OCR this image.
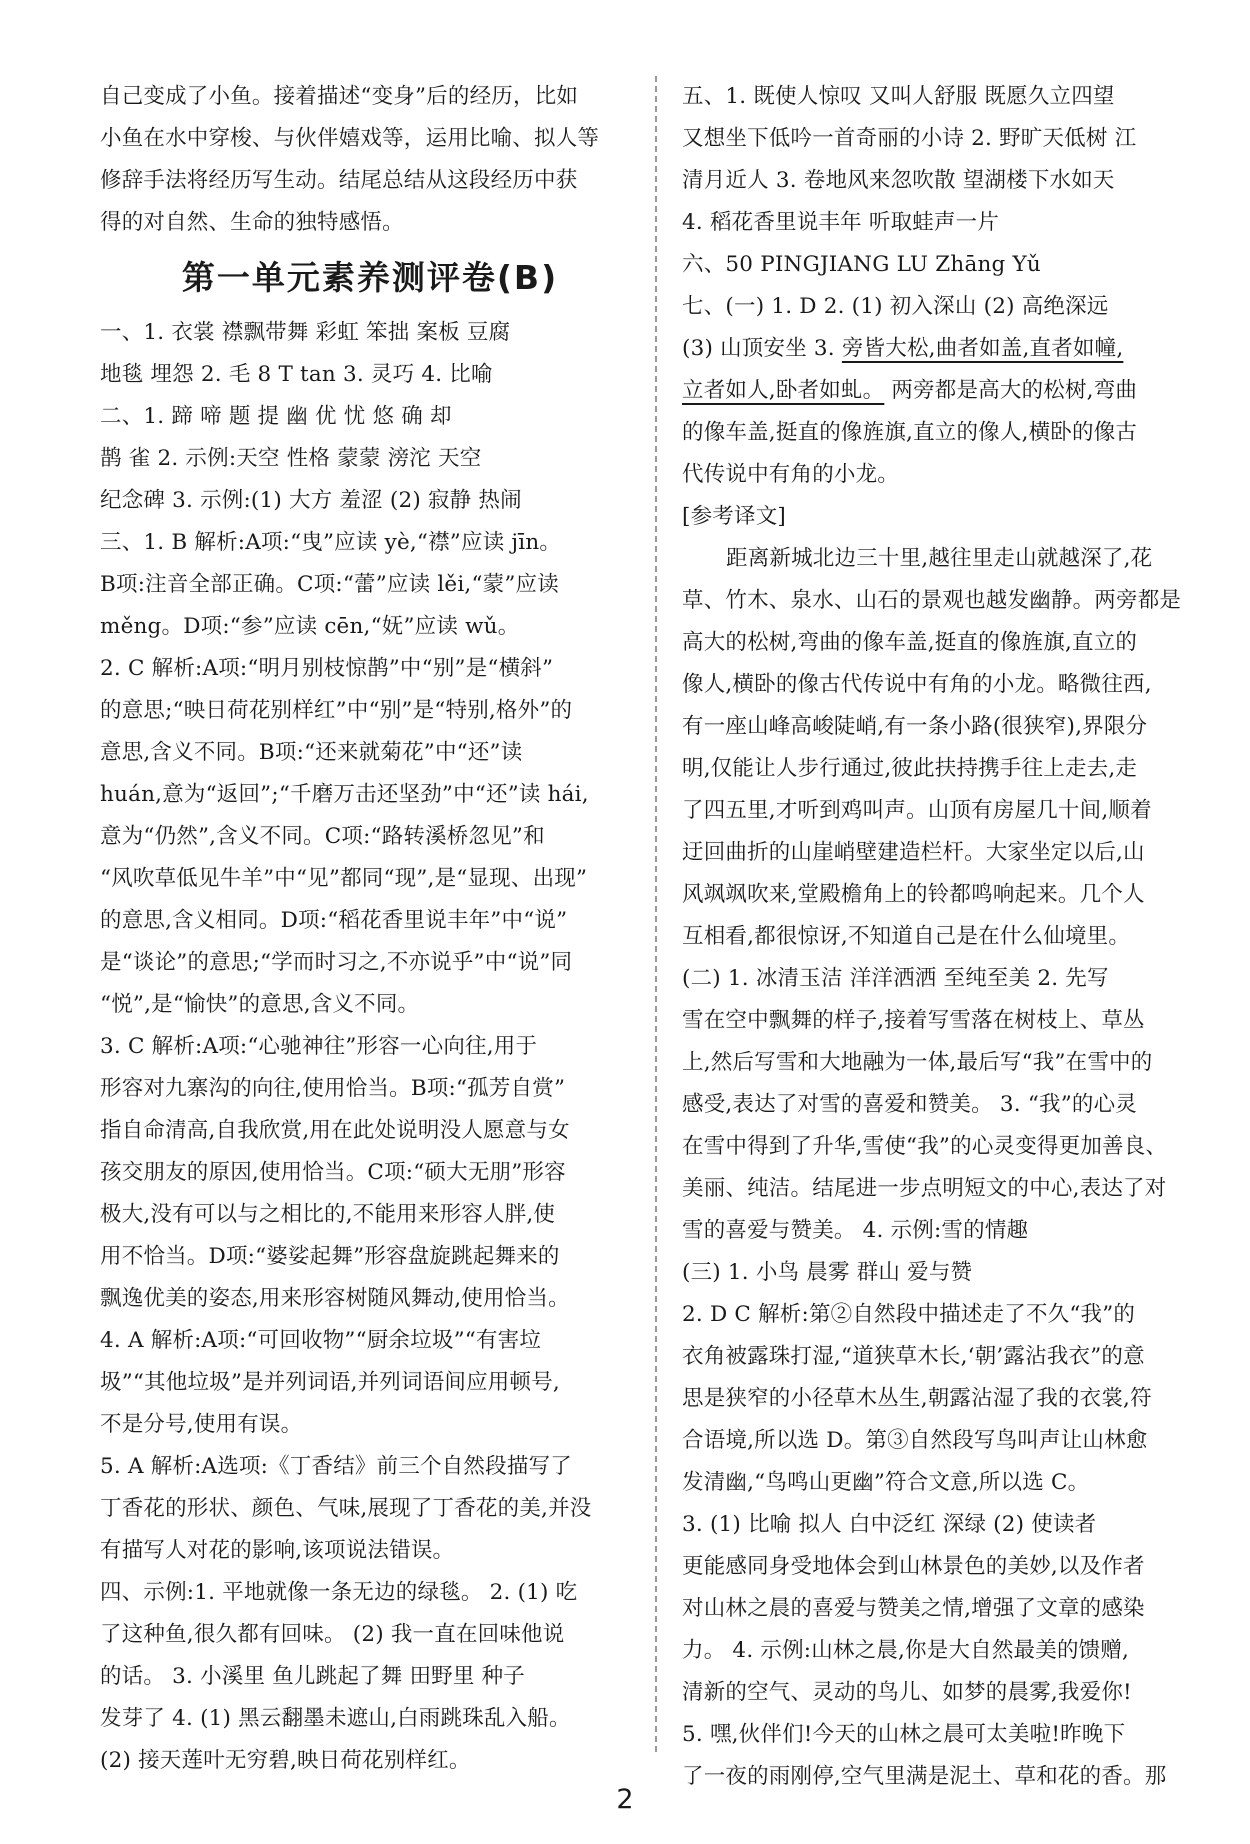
自己变成了小鱼。接着描述“变身”后的经历，比如
小鱼在水中穿梭、与伙伴嬉戏等，运用比喻、拟人等
修辞手法将经历写生动。结尾总结从这段经历中获
得的对自然、生命的独特感悟。
第一单元素养测评卷(B)
一、1. 衣裳 襟飘带舞 彩虹 笨拙 案板 豆腐
地毯 埋怨 2. 毛 8 T tan 3. 灵巧 4. 比喻
二、1. 蹄 啼 题 提 幽 优 忧 悠 确 却
鹊 雀 2. 示例:天空 性格 蒙蒙 滂沱 天空
纪念碑 3. 示例:(1) 大方 羞涩 (2) 寂静 热闹
三、1. B 解析:A项:“曳”应读 yè,“襟”应读 jīn。
B项:注音全部正确。C项:“蕾”应读 lěi,“蒙”应读
měng。D项:“参”应读 cēn,“妩”应读 wǔ。
2. C 解析:A项:“明月别枝惊鹊”中“别”是“横斜”
的意思;“映日荷花别样红”中“别”是“特别,格外”的
意思,含义不同。B项:“还来就菊花”中“还”读
huán,意为“返回”;“千磨万击还坚劲”中“还”读 hái,
意为“仍然”,含义不同。C项:“路转溪桥忽见”和
“风吹草低见牛羊”中“见”都同“现”,是“显现、出现”
的意思,含义相同。D项:“稻花香里说丰年”中“说”
是“谈论”的意思;“学而时习之,不亦说乎”中“说”同
“悦”,是“愉快”的意思,含义不同。
3. C 解析:A项:“心驰神往”形容一心向往,用于
形容对九寨沟的向往,使用恰当。B项:“孤芳自赏”
指自命清高,自我欣赏,用在此处说明没人愿意与女
孩交朋友的原因,使用恰当。C项:“硕大无朋”形容
极大,没有可以与之相比的,不能用来形容人胖,使
用不恰当。D项:“婆娑起舞”形容盘旋跳起舞来的
飘逸优美的姿态,用来形容树随风舞动,使用恰当。
4. A 解析:A项:“可回收物”“厨余垃圾”“有害垃
圾”“其他垃圾”是并列词语,并列词语间应用顿号,
不是分号,使用有误。
5. A 解析:A选项:《丁香结》前三个自然段描写了
丁香花的形状、颜色、气味,展现了丁香花的美,并没
有描写人对花的影响,该项说法错误。
四、示例:1. 平地就像一条无边的绿毯。 2. (1) 吃
了这种鱼,很久都有回味。 (2) 我一直在回味他说
的话。 3. 小溪里 鱼儿跳起了舞 田野里 种子
发芽了 4. (1) 黑云翻墨未遮山,白雨跳珠乱入船。
(2) 接天莲叶无穷碧,映日荷花别样红。
五、1. 既使人惊叹 又叫人舒服 既愿久立四望
又想坐下低吟一首奇丽的小诗 2. 野旷天低树 江
清月近人 3. 卷地风来忽吹散 望湖楼下水如天
4. 稻花香里说丰年 听取蛙声一片
六、50 PINGJIANG LU Zhāng Yǔ
七、(一) 1. D 2. (1) 初入深山 (2) 高绝深远
(3) 山顶安坐 3. 旁皆大松,曲者如盖,直者如幢,
立者如人,卧者如虬。 两旁都是高大的松树,弯曲
的像车盖,挺直的像旌旗,直立的像人,横卧的像古
代传说中有角的小龙。
[参考译文]
距离新城北边三十里,越往里走山就越深了,花
草、竹木、泉水、山石的景观也越发幽静。两旁都是
高大的松树,弯曲的像车盖,挺直的像旌旗,直立的
像人,横卧的像古代传说中有角的小龙。略微往西,
有一座山峰高峻陡峭,有一条小路(很狭窄),界限分
明,仅能让人步行通过,彼此扶持携手往上走去,走
了四五里,才听到鸡叫声。山顶有房屋几十间,顺着
迂回曲折的山崖峭壁建造栏杆。大家坐定以后,山
风飒飒吹来,堂殿檐角上的铃都鸣响起来。几个人
互相看,都很惊讶,不知道自己是在什么仙境里。
(二) 1. 冰清玉洁 洋洋洒洒 至纯至美 2. 先写
雪在空中飘舞的样子,接着写雪落在树枝上、草丛
上,然后写雪和大地融为一体,最后写“我”在雪中的
感受,表达了对雪的喜爱和赞美。 3. “我”的心灵
在雪中得到了升华,雪使“我”的心灵变得更加善良、
美丽、纯洁。结尾进一步点明短文的中心,表达了对
雪的喜爱与赞美。 4. 示例:雪的情趣
(三) 1. 小鸟 晨雾 群山 爱与赞
2. D C 解析:第②自然段中描述走了不久“我”的
衣角被露珠打湿,“道狭草木长,‘朝’露沾我衣”的意
思是狭窄的小径草木丛生,朝露沾湿了我的衣裳,符
合语境,所以选 D。第③自然段写鸟叫声让山林愈
发清幽,“鸟鸣山更幽”符合文意,所以选 C。
3. (1) 比喻 拟人 白中泛红 深绿 (2) 使读者
更能感同身受地体会到山林景色的美妙,以及作者
对山林之晨的喜爱与赞美之情,增强了文章的感染
力。 4. 示例:山林之晨,你是大自然最美的馈赠,
清新的空气、灵动的鸟儿、如梦的晨雾,我爱你!
5. 嘿,伙伴们!今天的山林之晨可太美啦!昨晚下
了一夜的雨刚停,空气里满是泥土、草和花的香。那
2
